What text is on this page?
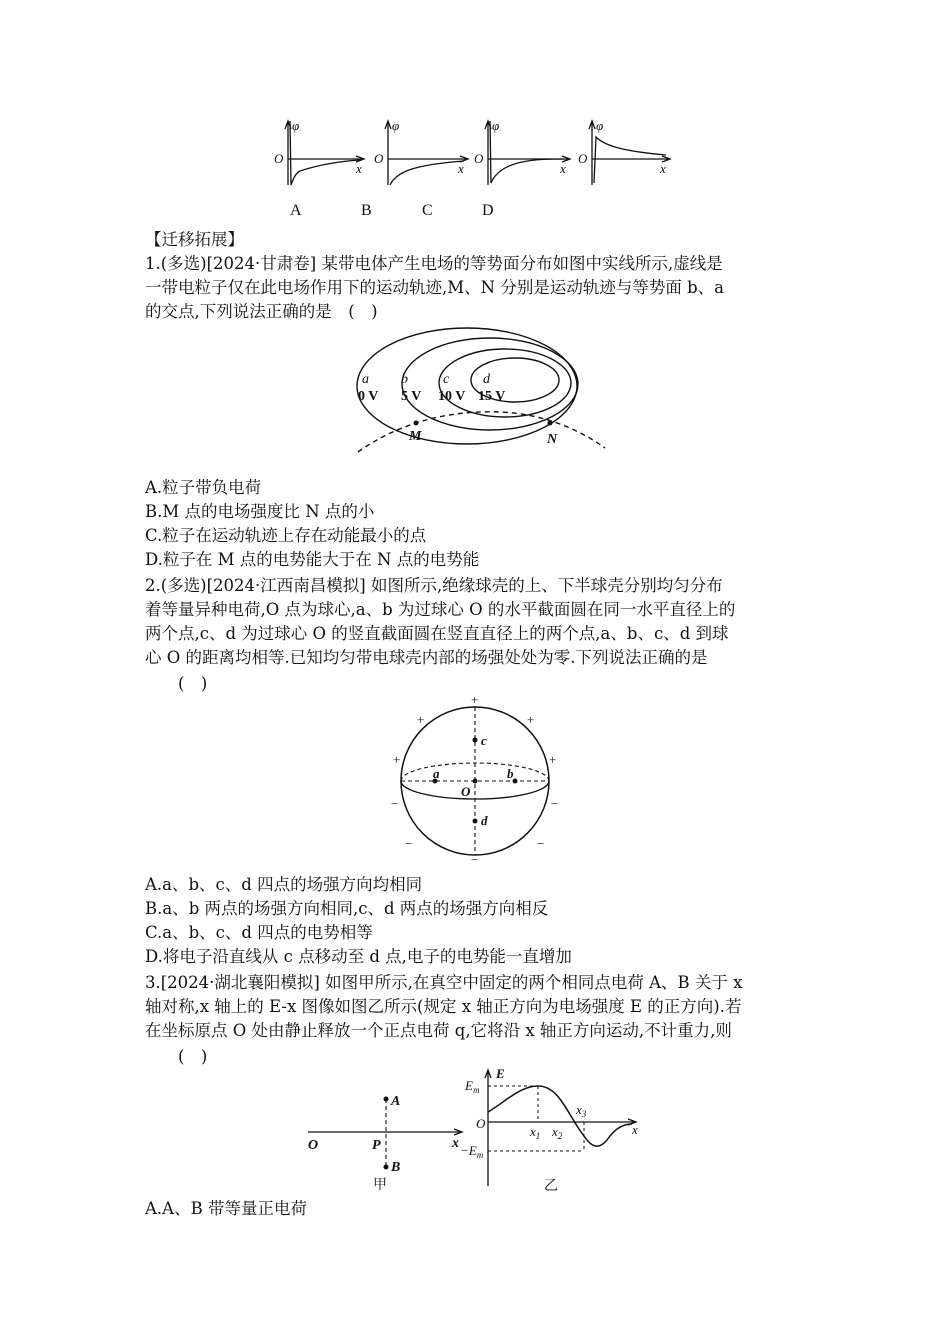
φ
O
x
φ
O
x
φ
O
x
φ
O
x
A	B	C	D
【迁移拓展】
1.(多选)[2024·甘肃卷] 某带电体产生电场的等势面分布如图中实线所示,虚线是
一带电粒子仅在此电场作用下的运动轨迹,M、N 分别是运动轨迹与等势面 b、a
的交点,下列说法正确的是　(　)
a
0 V
b
5 V
c
10 V
d
15 V
M	N
A.粒子带负电荷
B.M 点的电场强度比 N 点的小
C.粒子在运动轨迹上存在动能最小的点
D.粒子在 M 点的电势能大于在 N 点的电势能
2.(多选)[2024·江西南昌模拟] 如图所示,绝缘球壳的上、下半球壳分别均匀分布
着等量异种电荷,O 点为球心,a、b 为过球心 O 的水平截面圆在同一水平直径上的
两个点,c、d 为过球心 O 的竖直截面圆在竖直直径上的两个点,a、b、c、d 到球
心 O 的距离均相等.已知均匀带电球壳内部的场强处处为零.下列说法正确的是
　　(　)
+
+	+
+	+
−	−
−	−
−
a	b
c
d
O
A.a、b、c、d 四点的场强方向均相同
B.a、b 两点的场强方向相同,c、d 两点的场强方向相反
C.a、b、c、d 四点的电势相等
D.将电子沿直线从 c 点移动至 d 点,电子的电势能一直增加
3.[2024·湖北襄阳模拟] 如图甲所示,在真空中固定的两个相同点电荷 A、B 关于 x
轴对称,x 轴上的 E-x 图像如图乙所示(规定 x 轴正方向为电场强度 E 的正方向).若
在坐标原点 O 处由静止释放一个正点电荷 q,它将沿 x 轴正方向运动,不计重力,则
　　(　)
O	P
A
B
x
甲
E
$E_m$
$-E_m$
O	x
$x_1$ $x_2$
$x_3$
乙
A.A、B 带等量正电荷
